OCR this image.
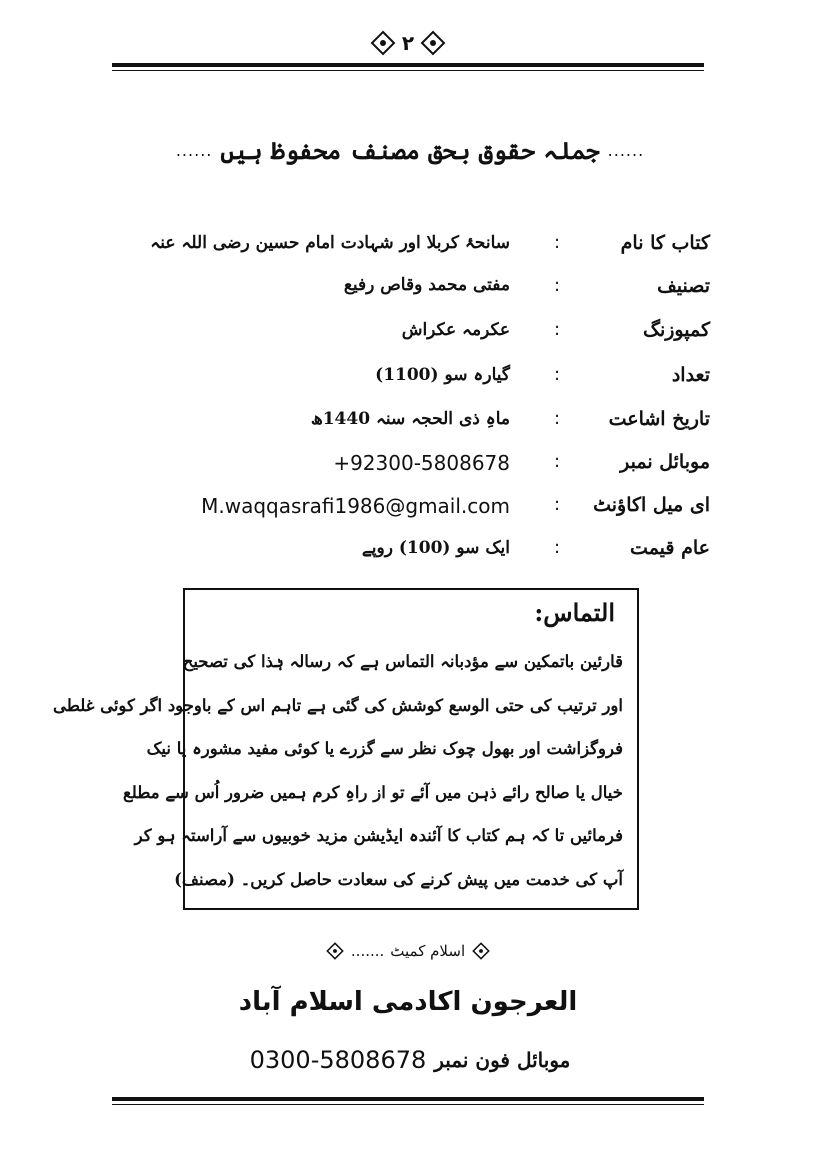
۲
......
جملہ حقوق بحق مصنف محفوظ ہیں
......
کتاب کا نام
:
سانحۂ کربلا اور شہادت امام حسین رضی اللہ عنہ
تصنیف
:
مفتی محمد وقاص رفیع
کمپوزنگ
:
عکرمہ عکراش
تعداد
:
گیارہ سو (1100)
تاریخ اشاعت
:
ماہِ ذی الحجہ سنہ 1440ھ
موبائل نمبر
:
+92300-5808678
ای میل اکاؤنٹ
:
M.waqqasrafi1986@gmail.com
عام قیمت
:
ایک سو (100) روپے
التماس:
قارئین باتمکین سے مؤدبانہ التماس ہے کہ رسالہ ہٰذا کی تصحیح
اور ترتیب کی حتی الوسع کوشش کی گئی ہے تاہم اس کے باوجود اگر کوئی غلطی
فروگزاشت اور بھول چوک نظر سے گزرے یا کوئی مفید مشورہ یا نیک
خیال یا صالح رائے ذہن میں آئے تو از راہِ کرم ہمیں ضرور اُس سے مطلع
فرمائیں تا کہ ہم کتاب کا آئندہ ایڈیشن مزید خوبیوں سے آراستہ ہو کر
آپ کی خدمت میں پیش کرنے کی سعادت حاصل کریں۔ (مصنف)
اسلام کمیٹ
.......
العرجون اکادمی اسلام آباد
0300-5808678 موبائل فون نمبر
